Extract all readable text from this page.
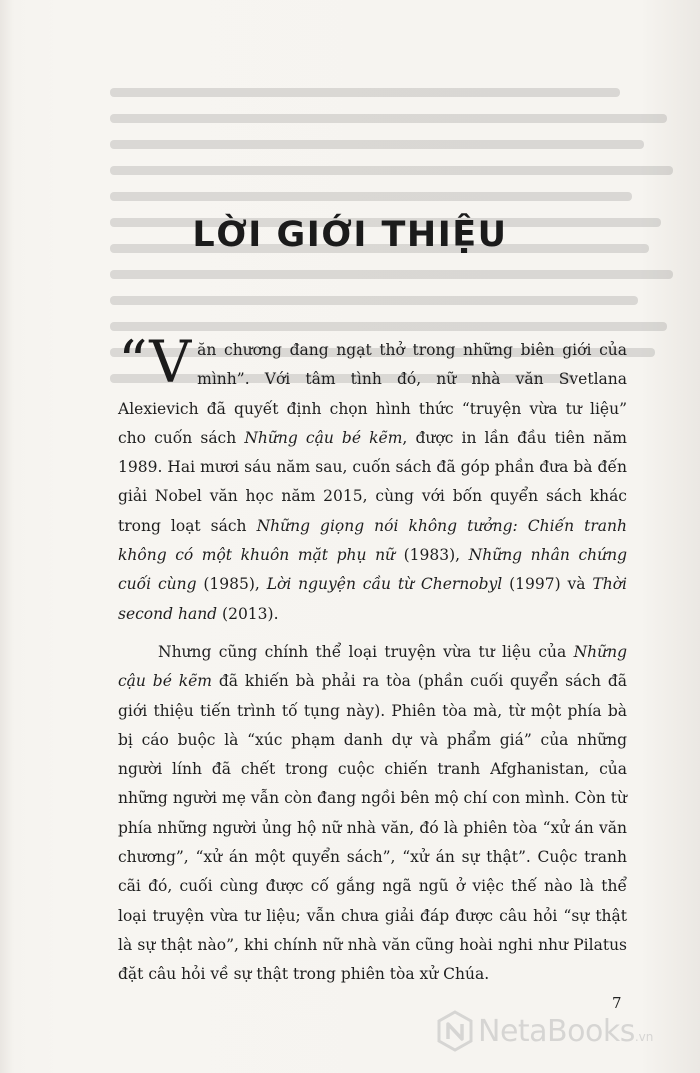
LỜI GIỚI THIỆU

“Văn chương đang ngạt thở trong những biên giới của mình”. Với tâm tình đó, nữ nhà văn Svetlana Alexievich đã quyết định chọn hình thức “truyện vừa tư liệu” cho cuốn sách Những cậu bé kẽm, được in lần đầu tiên năm 1989. Hai mươi sáu năm sau, cuốn sách đã góp phần đưa bà đến giải Nobel văn học năm 2015, cùng với bốn quyển sách khác trong loạt sách Những giọng nói không tưởng: Chiến tranh không có một khuôn mặt phụ nữ (1983), Những nhân chứng cuối cùng (1985), Lời nguyện cầu từ Chernobyl (1997) và Thời second hand (2013).

Nhưng cũng chính thể loại truyện vừa tư liệu của Những cậu bé kẽm đã khiến bà phải ra tòa (phần cuối quyển sách đã giới thiệu tiến trình tố tụng này). Phiên tòa mà, từ một phía bà bị cáo buộc là “xúc phạm danh dự và phẩm giá” của những người lính đã chết trong cuộc chiến tranh Afghanistan, của những người mẹ vẫn còn đang ngồi bên mộ chí con mình. Còn từ phía những người ủng hộ nữ nhà văn, đó là phiên tòa “xử án văn chương”, “xử án một quyển sách”, “xử án sự thật”. Cuộc tranh cãi đó, cuối cùng được cố gắng ngã ngũ ở việc thế nào là thể loại truyện vừa tư liệu; vẫn chưa giải đáp được câu hỏi “sự thật là sự thật nào”, khi chính nữ nhà văn cũng hoài nghi như Pilatus đặt câu hỏi về sự thật trong phiên tòa xử Chúa.

7
NetaBooks .vn
